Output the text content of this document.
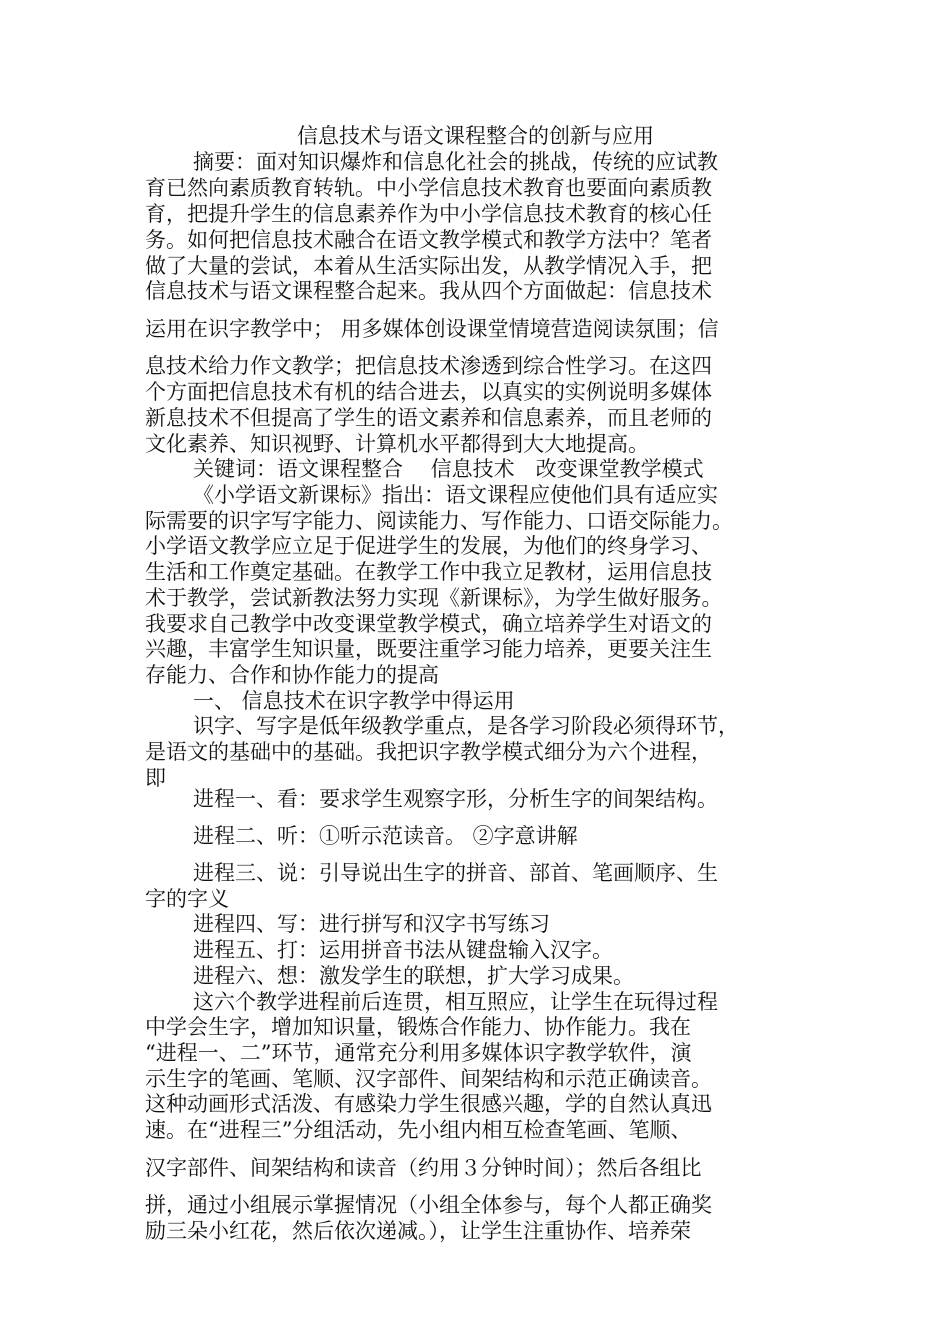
信息技术与语文课程整合的创新与应用
摘要：面对知识爆炸和信息化社会的挑战，传统的应试教
育已然向素质教育转轨。中小学信息技术教育也要面向素质教
育，把提升学生的信息素养作为中小学信息技术教育的核心任
务。如何把信息技术融合在语文教学模式和教学方法中？笔者
做了大量的尝试，本着从生活实际出发，从教学情况入手，把
信息技术与语文课程整合起来。我从四个方面做起：信息技术
运用在识字教学中； 用多媒体创设课堂情境营造阅读氛围；信
息技术给力作文教学；把信息技术渗透到综合性学习。在这四
个方面把信息技术有机的结合进去，以真实的实例说明多媒体
新息技术不但提高了学生的语文素养和信息素养，而且老师的
文化素养、知识视野、计算机水平都得到大大地提高。
关键词：语文课程整合　 信息技术　改变课堂教学模式
《小学语文新课标》指出：语文课程应使他们具有适应实
际需要的识字写字能力、阅读能力、写作能力、口语交际能力。
小学语文教学应立足于促进学生的发展，为他们的终身学习、
生活和工作奠定基础。在教学工作中我立足教材，运用信息技
术于教学，尝试新教法努力实现《新课标》，为学生做好服务。
我要求自己教学中改变课堂教学模式，确立培养学生对语文的
兴趣，丰富学生知识量，既要注重学习能力培养，更要关注生
存能力、合作和协作能力的提高
一、 信息技术在识字教学中得运用
识字、写字是低年级教学重点，是各学习阶段必须得环节，
是语文的基础中的基础。我把识字教学模式细分为六个进程，
即
进程一、看：要求学生观察字形，分析生字的间架结构。
进程二、听：①听示范读音。 ②字意讲解
进程三、说：引导说出生字的拼音、部首、笔画顺序、生
字的字义
进程四、写：进行拼写和汉字书写练习
进程五、打：运用拼音书法从键盘输入汉字。
进程六、想：激发学生的联想，扩大学习成果。
这六个教学进程前后连贯，相互照应，让学生在玩得过程
中学会生字，增加知识量，锻炼合作能力、协作能力。我在
“进程一、二”环节，通常充分利用多媒体识字教学软件，演
示生字的笔画、笔顺、汉字部件、间架结构和示范正确读音。
这种动画形式活泼、有感染力学生很感兴趣，学的自然认真迅
速。在“进程三”分组活动，先小组内相互检查笔画、笔顺、
汉字部件、间架结构和读音（约用３分钟时间）；然后各组比
拼，通过小组展示掌握情况（小组全体参与，每个人都正确奖
励三朵小红花，然后依次递减。），让学生注重协作、培养荣
